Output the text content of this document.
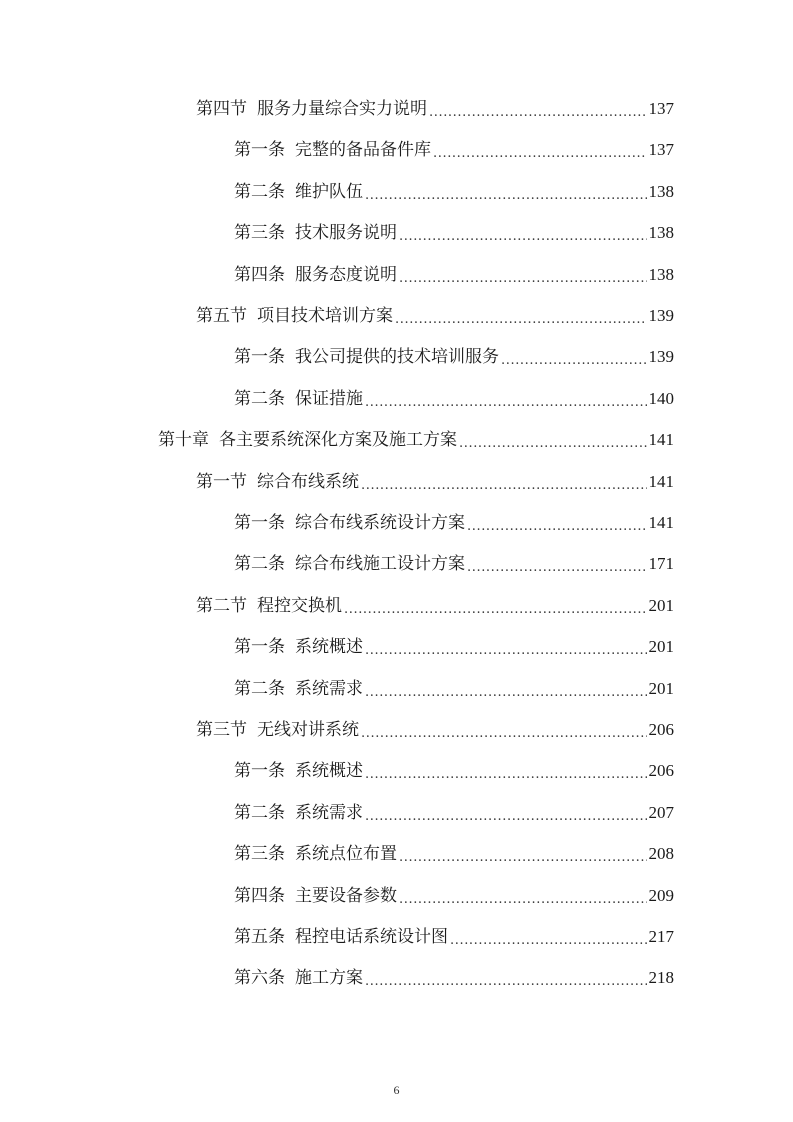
第四节 服务力量综合实力说明 .....	137
第一条 完整的备品备件库 .....	137
第二条 维护队伍 .....	138
第三条 技术服务说明 .....	138
第四条 服务态度说明 .....	138
第五节 项目技术培训方案 .....	139
第一条 我公司提供的技术培训服务 .....	139
第二条 保证措施 .....	140
第十章 各主要系统深化方案及施工方案 .....	141
第一节 综合布线系统 .....	141
第一条 综合布线系统设计方案 .....	141
第二条 综合布线施工设计方案 .....	171
第二节 程控交换机 .....	201
第一条 系统概述 .....	201
第二条 系统需求 .....	201
第三节 无线对讲系统 .....	206
第一条 系统概述 .....	206
第二条 系统需求 .....	207
第三条 系统点位布置 .....	208
第四条 主要设备参数 .....	209
第五条 程控电话系统设计图 .....	217
第六条 施工方案 .....	218
6
